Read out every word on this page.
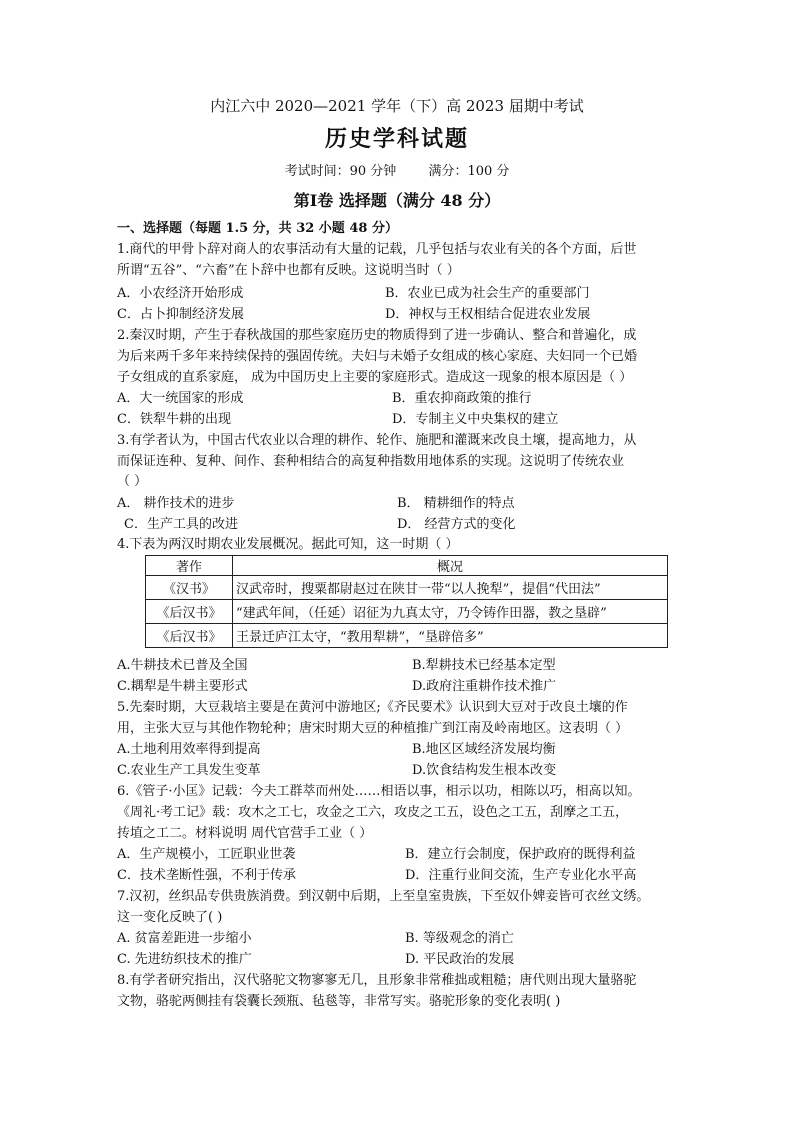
内江六中 2020—2021 学年（下）高 2023 届期中考试
历史学科试题
考试时间：90 分钟 满分：100 分
第Ⅰ卷 选择题（满分 48 分）
一、选择题（每题 1.5 分，共 32 小题 48 分）
1.商代的甲骨卜辞对商人的农事活动有大量的记载，几乎包括与农业有关的各个方面，后世
所谓“五谷”、“六畜”在卜辞中也都有反映。这说明当时（ ）
A．小农经济开始形成	B．农业已成为社会生产的重要部门
C．占卜抑制经济发展	D．神权与王权相结合促进农业发展
2.秦汉时期，产生于春秋战国的那些家庭历史的物质得到了进一步确认、整合和普遍化，成
为后来两千多年来持续保持的强固传统。夫妇与未婚子女组成的核心家庭、夫妇同一个已婚
子女组成的直系家庭， 成为中国历史上主要的家庭形式。造成这一现象的根本原因是（ ）
A．大一统国家的形成	B．重农抑商政策的推行
C．铁犁牛耕的出现	D．专制主义中央集权的建立
3.有学者认为，中国古代农业以合理的耕作、轮作、施肥和灌溉来改良土壤，提高地力，从
而保证连种、复种、间作、套种相结合的高复种指数用地体系的实现。这说明了传统农业
（ ）
A． 耕作技术的进步	B． 精耕细作的特点
C．生产工具的改进	D． 经营方式的变化
4.下表为两汉时期农业发展概况。据此可知，这一时期（ ）
著作	概况
《汉书》	汉武帝时，搜粟都尉赵过在陕甘一带“以人挽犁”，提倡“代田法”
《后汉书》	“建武年间，（任延）诏征为九真太守，乃令铸作田器，教之垦辟”
《后汉书》	王景迁庐江太守，“教用犁耕”，“垦辟倍多”
A.牛耕技术已普及全国	B.犁耕技术已经基本定型
C.耦犁是牛耕主要形式	D.政府注重耕作技术推广
5.先秦时期，大豆栽培主要是在黄河中游地区;《齐民要术》认识到大豆对于改良土壤的作
用，主张大豆与其他作物轮种；唐宋时期大豆的种植推广到江南及岭南地区。这表明（ ）
A.土地利用效率得到提高	B.地区区域经济发展均衡
C.农业生产工具发生变革	D.饮食结构发生根本改变
6.《管子·小匡》记载：今夫工群萃而州处……相语以事，相示以功，相陈以巧，相高以知。
《周礼·考工记》载：攻木之工七，攻金之工六，攻皮之工五，设色之工五，刮摩之工五，
抟埴之工二。材料说明 周代官营手工业（ ）
A．生产规模小，工匠职业世袭	B．建立行会制度，保护政府的既得利益
C．技术垄断性强，不利于传承	D．注重行业间交流，生产专业化水平高
7.汉初，丝织品专供贵族消费。到汉朝中后期，上至皇室贵族，下至奴仆婢妾皆可衣丝文绣。
这一变化反映了( )
A. 贫富差距进一步缩小	B. 等级观念的消亡
C. 先进纺织技术的推广	D. 平民政治的发展
8.有学者研究指出，汉代骆驼文物寥寥无几，且形象非常稚拙或粗糙；唐代则出现大量骆驼
文物，骆驼两侧挂有袋囊长颈瓶、毡毯等，非常写实。骆驼形象的变化表明( )
